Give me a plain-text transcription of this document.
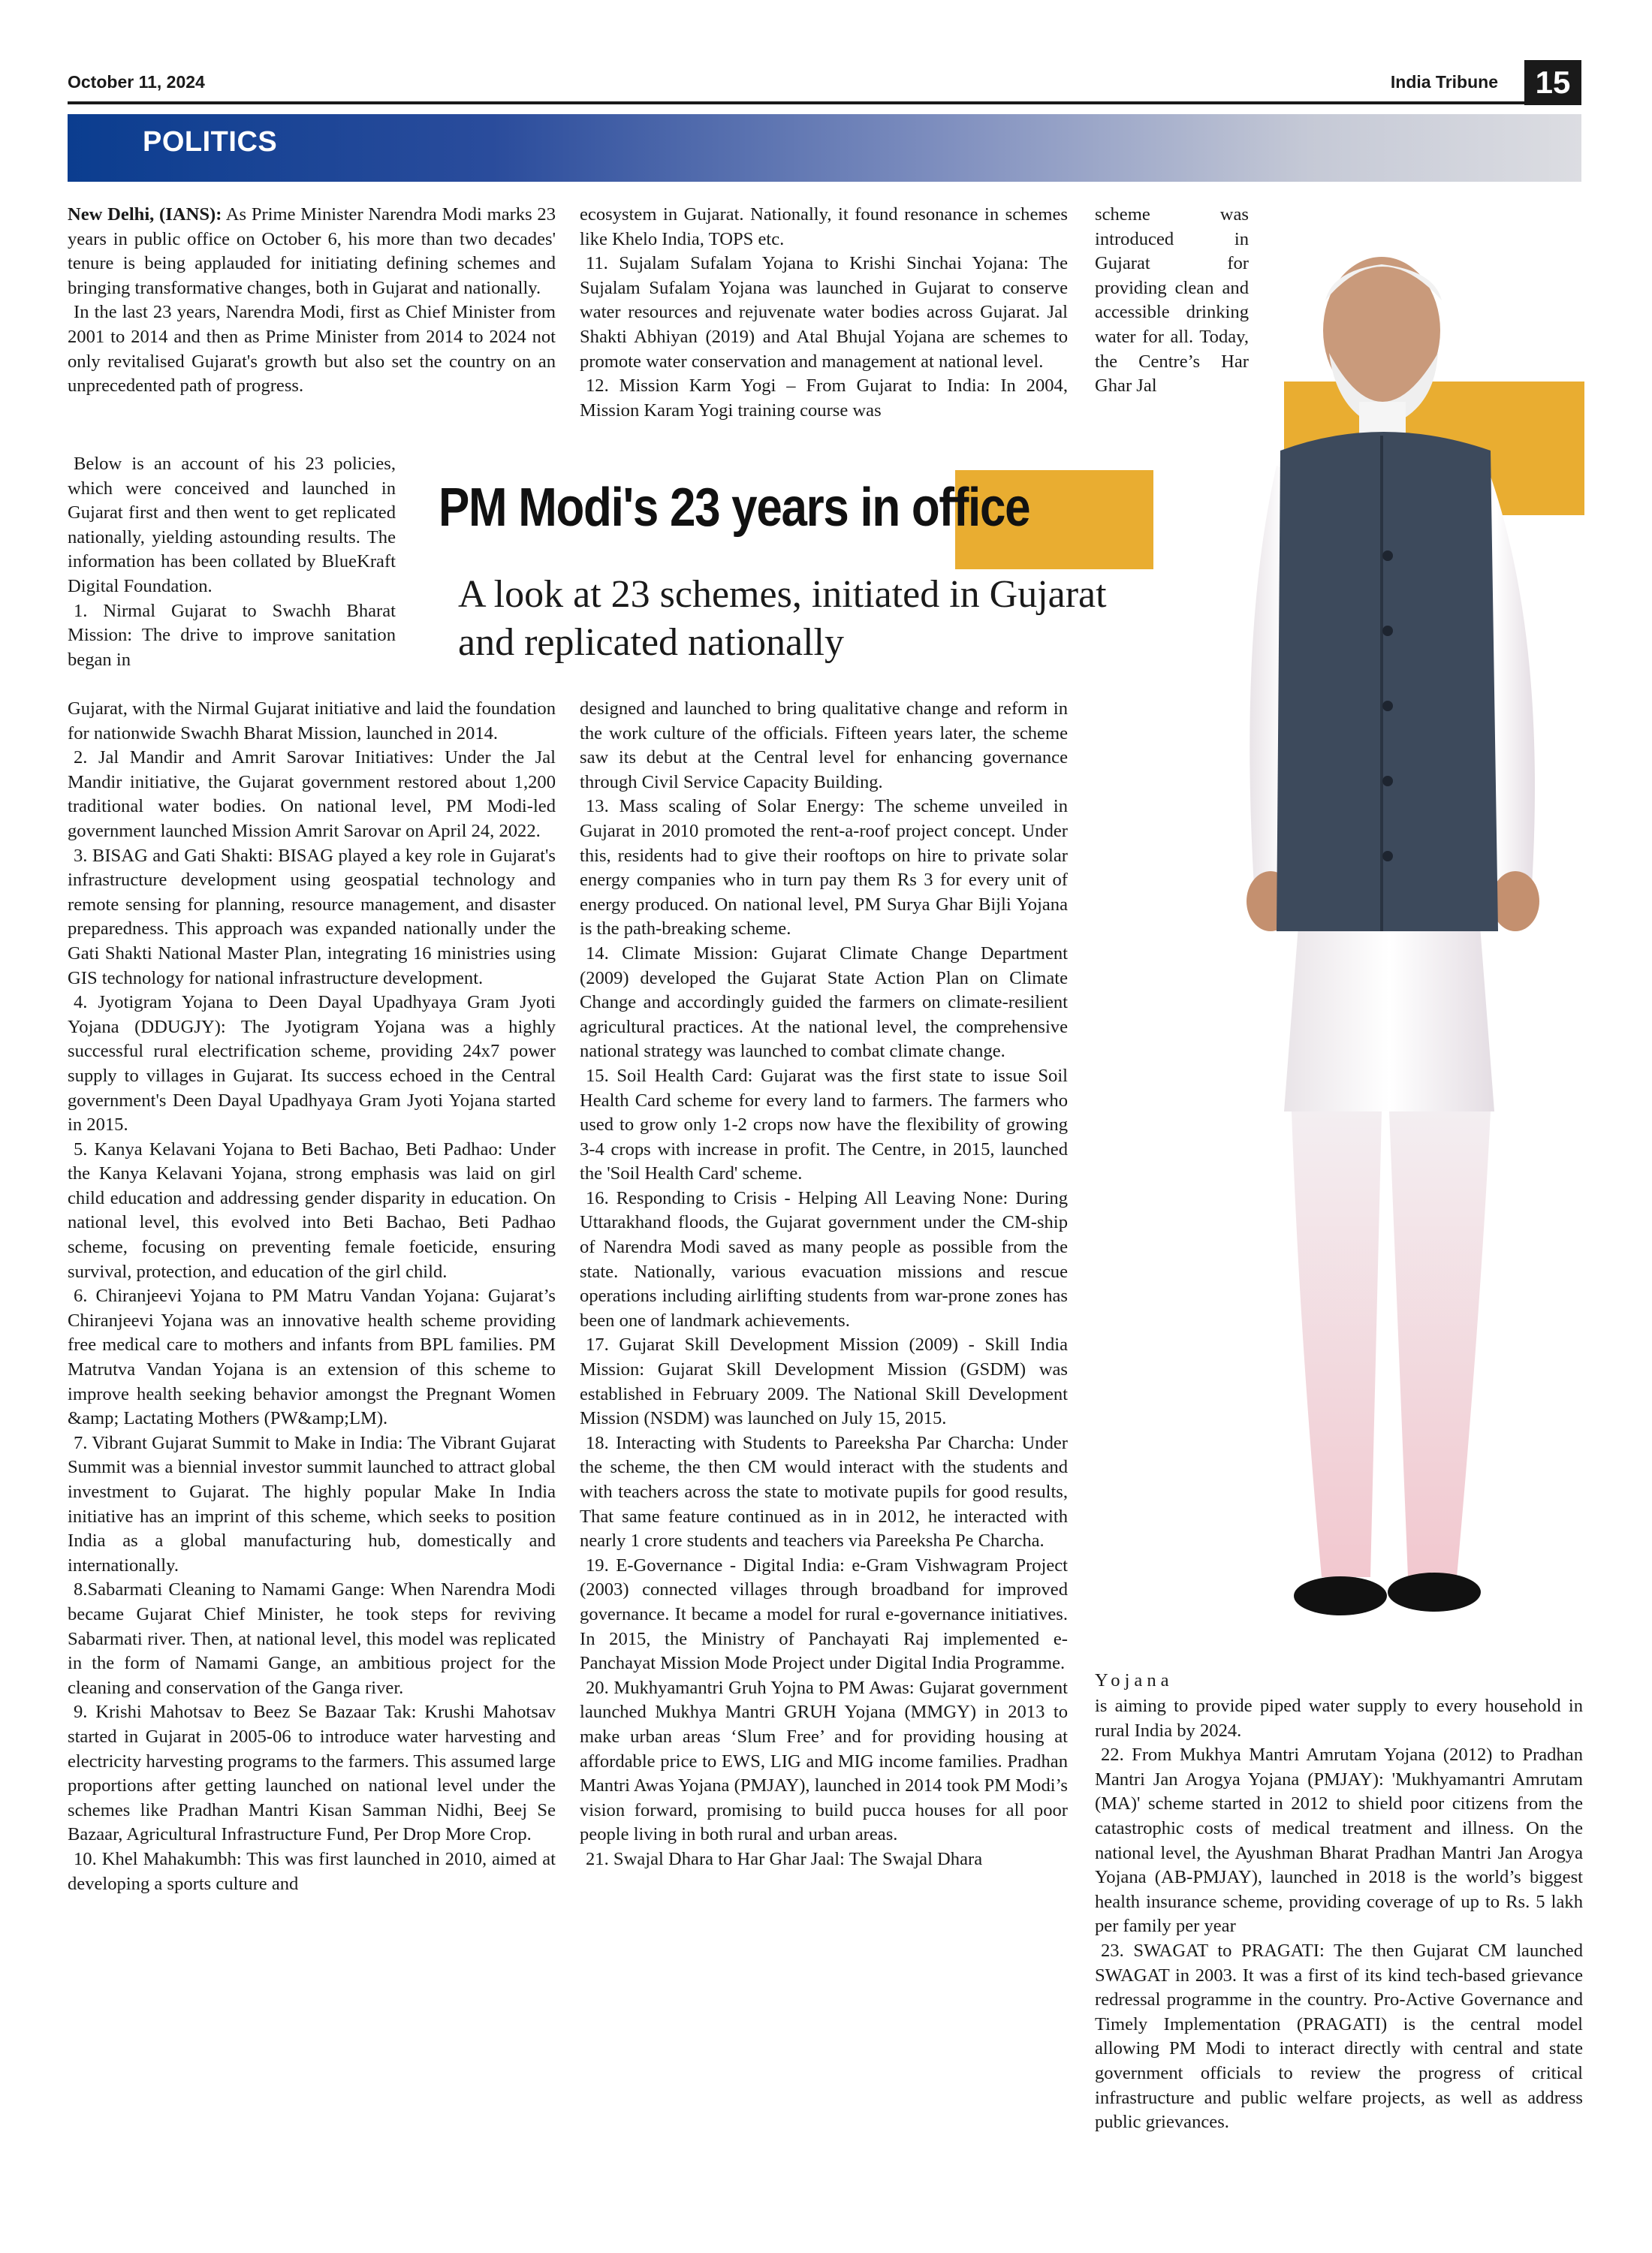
October 11, 2024	India Tribune	15
POLITICS
PM Modi's 23 years in office
A look at 23 schemes, initiated in Gujarat and replicated nationally

New Delhi, (IANS): As Prime Minister Narendra Modi marks 23 years in public office on October 6, his more than two decades' tenure is being applauded for initiating defining schemes and bringing transformative changes, both in Gujarat and nationally.

In the last 23 years, Narendra Modi, first as Chief Minister from 2001 to 2014 and then as Prime Minister from 2014 to 2024 not only revitalised Gujarat's growth but also set the country on an unprecedented path of progress.

Below is an account of his 23 policies, which were conceived and launched in Gujarat first and then went to get replicated nationally, yielding astounding results. The information has been collated by BlueKraft Digital Foundation.

1. Nirmal Gujarat to Swachh Bharat Mission: The drive to improve sanitation began in

Gujarat, with the Nirmal Gujarat initiative and laid the foundation for nationwide Swachh Bharat Mission, launched in 2014.

2. Jal Mandir and Amrit Sarovar Initiatives: Under the Jal Mandir initiative, the Gujarat government restored about 1,200 traditional water bodies. On national level, PM Modi-led government launched Mission Amrit Sarovar on April 24, 2022.

3. BISAG and Gati Shakti: BISAG played a key role in Gujarat's infrastructure development using geospatial technology and remote sensing for planning, resource management, and disaster preparedness. This approach was expanded nationally under the Gati Shakti National Master Plan, integrating 16 ministries using GIS technology for national infrastructure development.

4. Jyotigram Yojana to Deen Dayal Upadhyaya Gram Jyoti Yojana (DDUGJY): The Jyotigram Yojana was a highly successful rural electrification scheme, providing 24x7 power supply to villages in Gujarat. Its success echoed in the Central government's Deen Dayal Upadhyaya Gram Jyoti Yojana started in 2015.

5. Kanya Kelavani Yojana to Beti Bachao, Beti Padhao: Under the Kanya Kelavani Yojana, strong emphasis was laid on girl child education and addressing gender disparity in education. On national level, this evolved into Beti Bachao, Beti Padhao scheme, focusing on preventing female foeticide, ensuring survival, protection, and education of the girl child.

6. Chiranjeevi Yojana to PM Matru Vandan Yojana: Gujarat’s Chiranjeevi Yojana was an innovative health scheme providing free medical care to mothers and infants from BPL families. PM Matrutva Vandan Yojana is an extension of this scheme to improve health seeking behavior amongst the Pregnant Women &amp; Lactating Mothers (PW&amp;LM).

7. Vibrant Gujarat Summit to Make in India: The Vibrant Gujarat Summit was a biennial investor summit launched to attract global investment to Gujarat. The highly popular Make In India initiative has an imprint of this scheme, which seeks to position India as a global manufacturing hub, domestically and internationally.

8.Sabarmati Cleaning to Namami Gange: When Narendra Modi became Gujarat Chief Minister, he took steps for reviving Sabarmati river. Then, at national level, this model was replicated in the form of Namami Gange, an ambitious project for the cleaning and conservation of the Ganga river.

9. Krishi Mahotsav to Beez Se Bazaar Tak: Krushi Mahotsav started in Gujarat in 2005-06 to introduce water harvesting and electricity harvesting programs to the farmers. This assumed large proportions after getting launched on national level under the schemes like Pradhan Mantri Kisan Samman Nidhi, Beej Se Bazaar, Agricultural Infrastructure Fund, Per Drop More Crop.

10. Khel Mahakumbh: This was first launched in 2010, aimed at developing a sports culture and

ecosystem in Gujarat. Nationally, it found resonance in schemes like Khelo India, TOPS etc.

11. Sujalam Sufalam Yojana to Krishi Sinchai Yojana: The Sujalam Sufalam Yojana was launched in Gujarat to conserve water resources and rejuvenate water bodies across Gujarat. Jal Shakti Abhiyan (2019) and Atal Bhujal Yojana are schemes to promote water conservation and management at national level.

12. Mission Karm Yogi – From Gujarat to India: In 2004, Mission Karam Yogi training course was

designed and launched to bring qualitative change and reform in the work culture of the officials. Fifteen years later, the scheme saw its debut at the Central level for enhancing governance through Civil Service Capacity Building.

13. Mass scaling of Solar Energy: The scheme unveiled in Gujarat in 2010 promoted the rent-a-roof project concept. Under this, residents had to give their rooftops on hire to private solar energy companies who in turn pay them Rs 3 for every unit of energy produced. On national level, PM Surya Ghar Bijli Yojana is the path-breaking scheme.

14. Climate Mission: Gujarat Climate Change Department (2009) developed the Gujarat State Action Plan on Climate Change and accordingly guided the farmers on climate-resilient agricultural practices. At the national level, the comprehensive national strategy was launched to combat climate change.

15. Soil Health Card: Gujarat was the first state to issue Soil Health Card scheme for every land to farmers. The farmers who used to grow only 1-2 crops now have the flexibility of growing 3-4 crops with increase in profit. The Centre, in 2015, launched the 'Soil Health Card' scheme.

16. Responding to Crisis - Helping All Leaving None: During Uttarakhand floods, the Gujarat government under the CM-ship of Narendra Modi saved as many people as possible from the state. Nationally, various evacuation missions and rescue operations including airlifting students from war-prone zones has been one of landmark achievements.

17. Gujarat Skill Development Mission (2009) - Skill India Mission: Gujarat Skill Development Mission (GSDM) was established in February 2009. The National Skill Development Mission (NSDM) was launched on July 15, 2015.

18. Interacting with Students to Pareeksha Par Charcha: Under the scheme, the then CM would interact with the students and with teachers across the state to motivate pupils for good results, That same feature continued as in in 2012, he interacted with nearly 1 crore students and teachers via Pareeksha Pe Charcha.

19. E-Governance - Digital India: e-Gram Vishwagram Project (2003) connected villages through broadband for improved governance. It became a model for rural e-governance initiatives. In 2015, the Ministry of Panchayati Raj implemented e-Panchayat Mission Mode Project under Digital India Programme.

20. Mukhyamantri Gruh Yojna to PM Awas: Gujarat government launched Mukhya Mantri GRUH Yojana (MMGY) in 2013 to make urban areas ‘Slum Free’ and for providing housing at affordable price to EWS, LIG and MIG income families. Pradhan Mantri Awas Yojana (PMJAY), launched in 2014 took PM Modi’s vision forward, promising to build pucca houses for all poor people living in both rural and urban areas.

21. Swajal Dhara to Har Ghar Jaal: The Swajal Dhara

scheme was introduced in Gujarat for providing clean and accessible drinking water for all. Today, the Centre’s Har Ghar Jal

Yojana

is aiming to provide piped water supply to every household in rural India by 2024.

22. From Mukhya Mantri Amrutam Yojana (2012) to Pradhan Mantri Jan Arogya Yojana (PMJAY): 'Mukhyamantri Amrutam (MA)' scheme started in 2012 to shield poor citizens from the catastrophic costs of medical treatment and illness. On the national level, the Ayushman Bharat Pradhan Mantri Jan Arogya Yojana (AB-PMJAY), launched in 2018 is the world’s biggest health insurance scheme, providing coverage of up to Rs. 5 lakh per family per year

23. SWAGAT to PRAGATI: The then Gujarat CM launched SWAGAT in 2003. It was a first of its kind tech-based grievance redressal programme in the country. Pro-Active Governance and Timely Implementation (PRAGATI) is the central model allowing PM Modi to interact directly with central and state government officials to review the progress of critical infrastructure and public welfare projects, as well as address public grievances.
